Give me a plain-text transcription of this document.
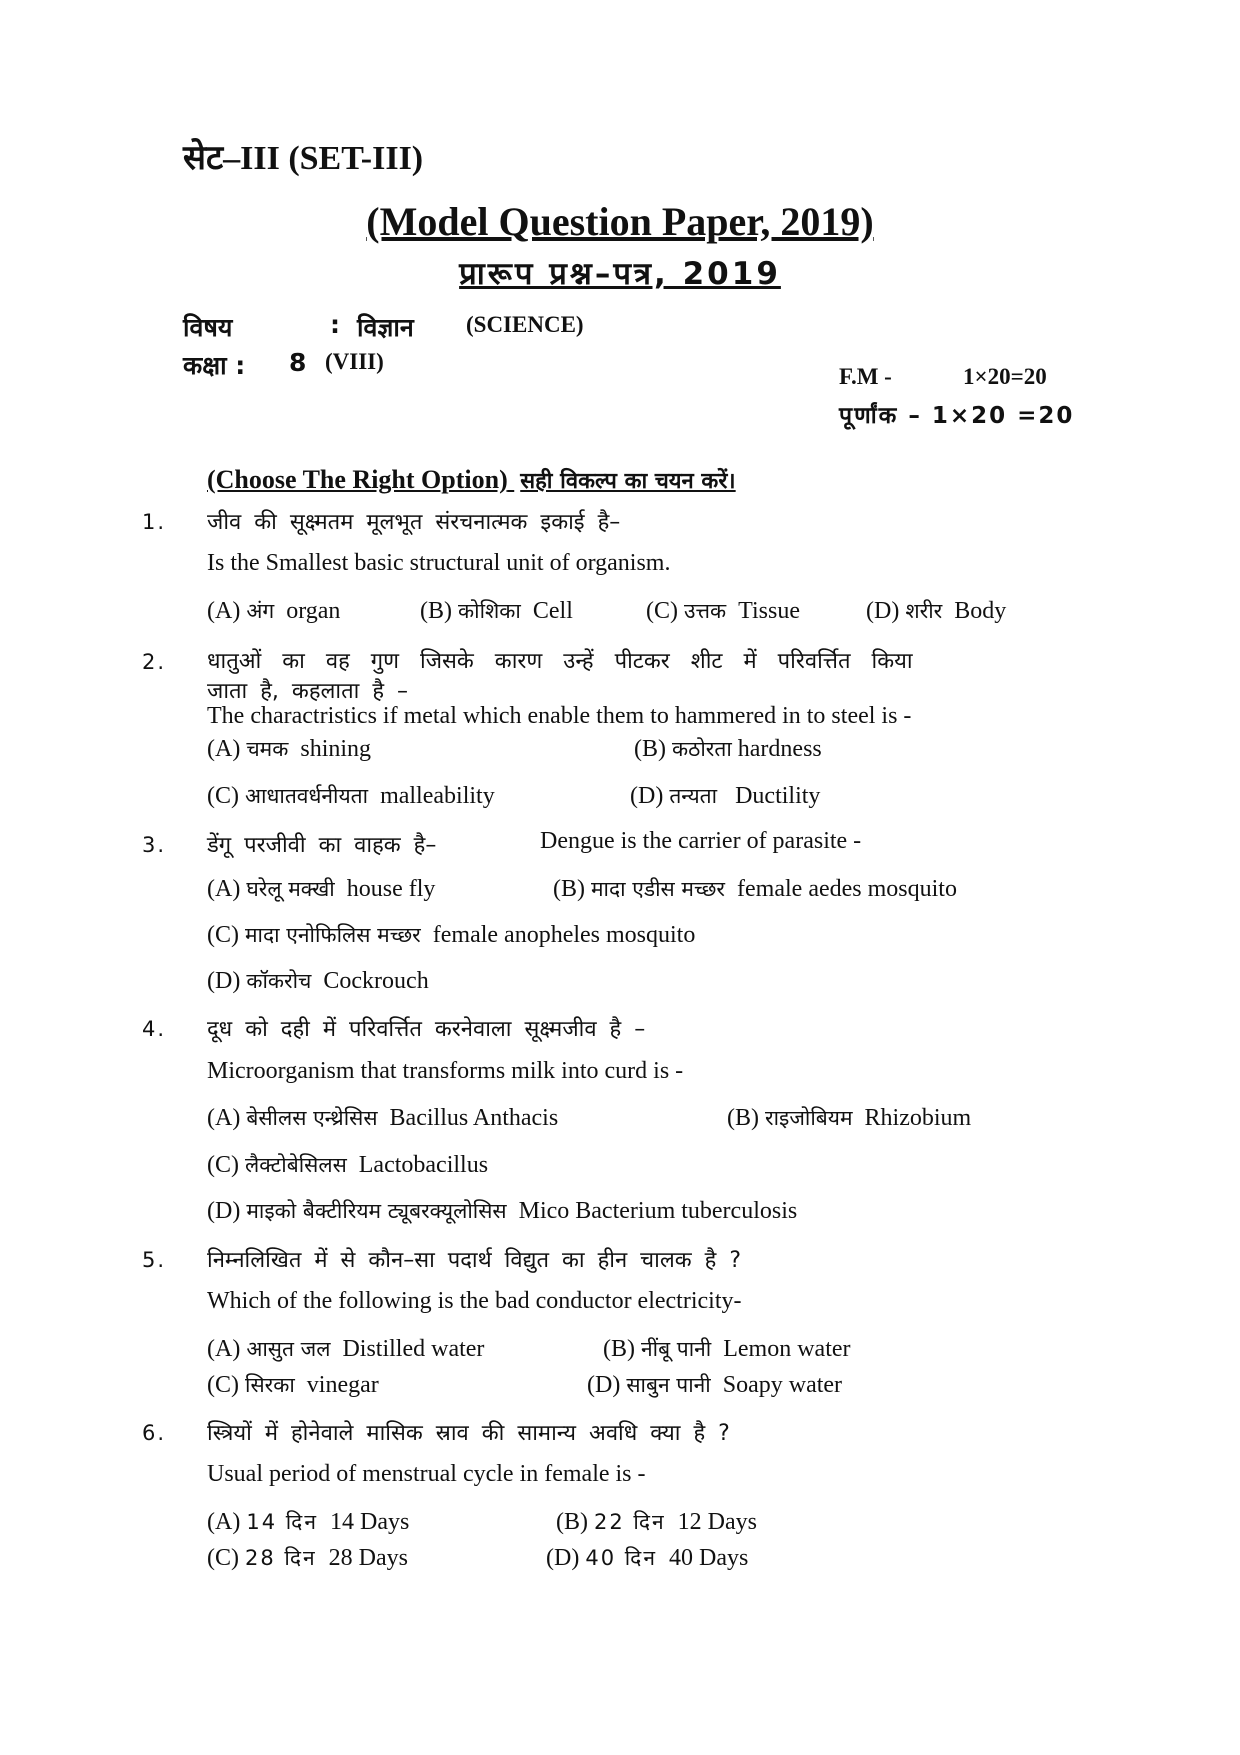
सेट–III (SET-III)
(Model Question Paper, 2019)
प्रारूप प्रश्न–पत्र, 2019
विषय	: विज्ञान (SCIENCE)
कक्षा : 8 (VIII)
F.M -	1×20=20
पूर्णांक – 1×20 =20
(Choose The Right Option) सही विकल्प का चयन करें।
1. जीव की सूक्ष्मतम मूलभूत संरचनात्मक इकाई है–
Is the Smallest basic structural unit of organism.
(A) अंग organ	(B) कोशिका Cell	(C) उत्तक Tissue	(D) शरीर Body
2. धातुओं का वह गुण जिसके कारण उन्हें पीटकर शीट में परिवर्त्तित किया
जाता है, कहलाता है –
The charactristics if metal which enable them to hammered in to steel is -
(A) चमक shining	(B) कठोरता hardness
(C) आधातवर्धनीयता malleability	(D) तन्यता Ductility
3. डेंगू परजीवी का वाहक है–	Dengue is the carrier of parasite -
(A) घरेलू मक्खी house fly	(B) मादा एडीस मच्छर female aedes mosquito
(C) मादा एनोफिलिस मच्छर female anopheles mosquito
(D) कॉकरोच Cockrouch
4. दूध को दही में परिवर्त्तित करनेवाला सूक्ष्मजीव है –
Microorganism that transforms milk into curd is -
(A) बेसीलस एन्थ्रेसिस Bacillus Anthacis	(B) राइजोबियम Rhizobium
(C) लैक्टोबेसिलस Lactobacillus
(D) माइको बैक्टीरियम ट्यूबरक्यूलोसिस Mico Bacterium tuberculosis
5. निम्नलिखित में से कौन–सा पदार्थ विद्युत का हीन चालक है ?
Which of the following is the bad conductor electricity-
(A) आसुत जल Distilled water	(B) नींबू पानी Lemon water
(C) सिरका vinegar	(D) साबुन पानी Soapy water
6. स्त्रियों में होनेवाले मासिक स्राव की सामान्य अवधि क्या है ?
Usual period of menstrual cycle in female is -
(A) 14 दिन 14 Days	(B) 22 दिन 12 Days
(C) 28 दिन 28 Days	(D) 40 दिन 40 Days
